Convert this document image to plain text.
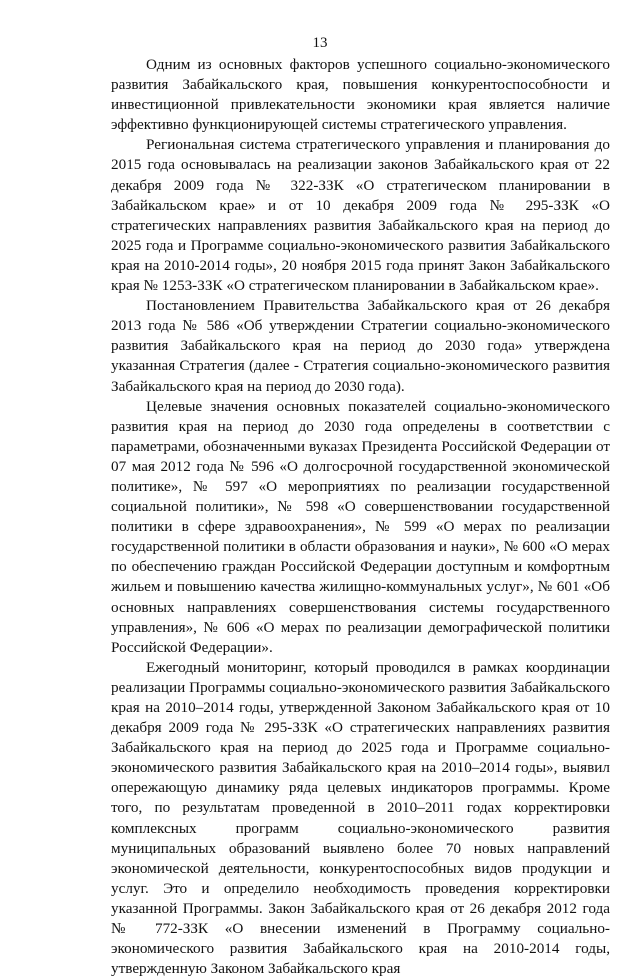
13

Одним из основных факторов успешного социально-экономического развития Забайкальского края, повышения конкурентоспособности и инвестиционной привлекательности экономики края является наличие эффективно функционирующей системы стратегического управления.

Региональная система стратегического управления и планирования до 2015 года основывалась на реализации законов Забайкальского края от 22 декабря 2009 года № 322-ЗЗК «О стратегическом планировании в Забайкальском крае» и от 10 декабря 2009 года № 295-ЗЗК «О стратегических направлениях развития Забайкальского края на период до 2025 года и Программе социально-экономического развития Забайкальского края на 2010-2014 годы», 20 ноября 2015 года принят Закон Забайкальского края № 1253-ЗЗК «О стратегическом планировании в Забайкальском крае».

Постановлением Правительства Забайкальского края от 26 декабря 2013 года № 586 «Об утверждении Стратегии социально-экономического развития Забайкальского края на период до 2030 года» утверждена указанная Стратегия (далее - Стратегия социально-экономического развития Забайкальского края на период до 2030 года).

Целевые значения основных показателей социально-экономического развития края на период до 2030 года определены в соответствии с параметрами, обозначенными вуказах Президента Российской Федерации от 07 мая 2012 года № 596 «О долгосрочной государственной экономической политике», № 597 «О мероприятиях по реализации государственной социальной политики», № 598 «О совершенствовании государственной политики в сфере здравоохранения», № 599 «О мерах по реализации государственной политики в области образования и науки», № 600 «О мерах по обеспечению граждан Российской Федерации доступным и комфортным жильем и повышению качества жилищно-коммунальных услуг», № 601 «Об основных направлениях совершенствования системы государственного управления», № 606 «О мерах по реализации демографической политики Российской Федерации».

Ежегодный мониторинг, который проводился в рамках координации реализации Программы социально-экономического развития Забайкальского края на 2010–2014 годы, утвержденной Законом Забайкальского края от 10 декабря 2009 года № 295-ЗЗК «О стратегических направлениях развития Забайкальского края на период до 2025 года и Программе социально-экономического развития Забайкальского края на 2010–2014 годы», выявил опережающую динамику ряда целевых индикаторов программы. Кроме того, по результатам проведенной в 2010–2011 годах корректировки комплексных программ социально-экономического развития муниципальных образований выявлено более 70 новых направлений экономической деятельности, конкурентоспособных видов продукции и услуг. Это и определило необходимость проведения корректировки указанной Программы. Закон Забайкальского края от 26 декабря 2012 года № 772-ЗЗК «О внесении изменений в Программу социально-экономического развития Забайкальского края на 2010-2014 годы, утвержденную Законом Забайкальского края
